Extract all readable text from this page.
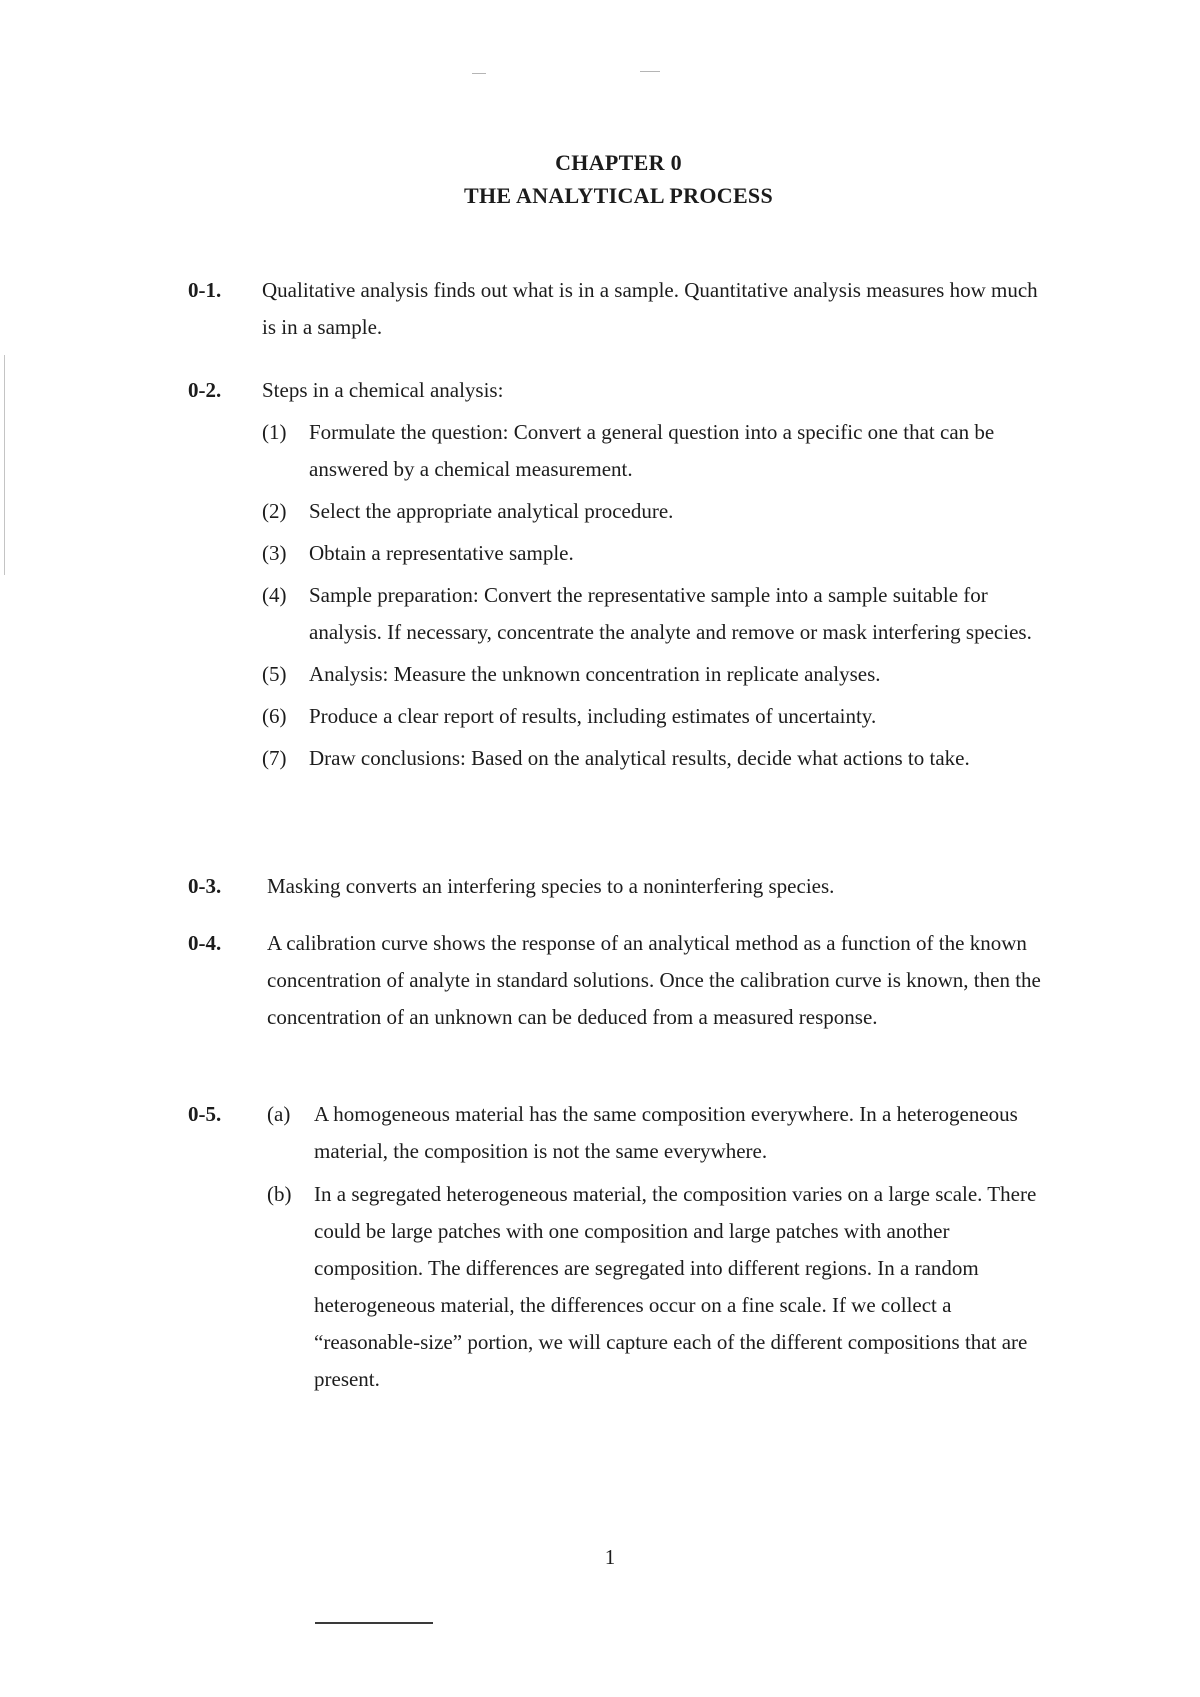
CHAPTER 0
THE ANALYTICAL PROCESS
0-1. Qualitative analysis finds out what is in a sample. Quantitative analysis measures how much is in a sample.

0-2. Steps in a chemical analysis:

(1) Formulate the question: Convert a general question into a specific one that can be answered by a chemical measurement.
(2) Select the appropriate analytical procedure.
(3) Obtain a representative sample.
(4) Sample preparation: Convert the representative sample into a sample suitable for analysis. If necessary, concentrate the analyte and remove or mask interfering species.
(5) Analysis: Measure the unknown concentration in replicate analyses.
(6) Produce a clear report of results, including estimates of uncertainty.
(7) Draw conclusions: Based on the analytical results, decide what actions to take.
0-3. Masking converts an interfering species to a noninterfering species.

0-4. A calibration curve shows the response of an analytical method as a function of the known concentration of analyte in standard solutions. Once the calibration curve is known, then the concentration of an unknown can be deduced from a measured response.

0-5. (a) A homogeneous material has the same composition everywhere. In a heterogeneous material, the composition is not the same everywhere.
(b) In a segregated heterogeneous material, the composition varies on a large scale. There could be large patches with one composition and large patches with another composition. The differences are segregated into different regions. In a random heterogeneous material, the differences occur on a fine scale. If we collect a “reasonable-size” portion, we will capture each of the different compositions that are present.
1
